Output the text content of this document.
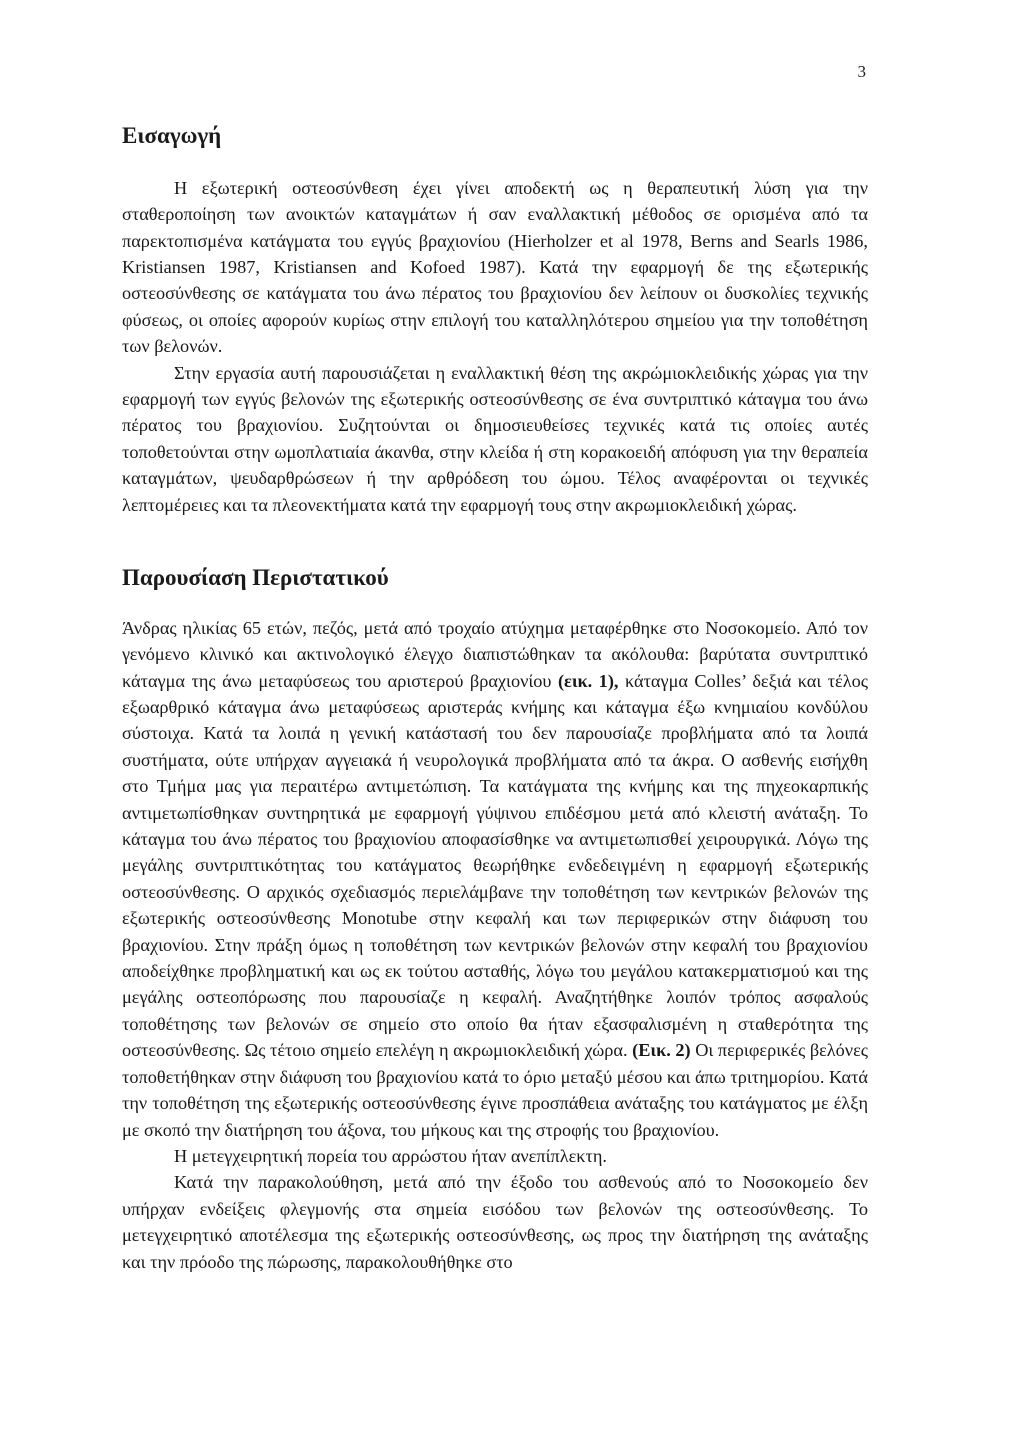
3
Εισαγωγή

Η εξωτερική οστεοσύνθεση έχει γίνει αποδεκτή ως η θεραπευτική λύση για την σταθεροποίηση των ανοικτών καταγμάτων ή σαν εναλλακτική μέθοδος σε ορισμένα από τα παρεκτοπισμένα κατάγματα του εγγύς βραχιονίου (Hierholzer et al 1978, Berns and Searls 1986, Kristiansen 1987, Kristiansen and Kofoed 1987). Κατά την εφαρμογή δε της εξωτερικής οστεοσύνθεσης σε κατάγματα του άνω πέρατος του βραχιονίου δεν λείπουν οι δυσκολίες τεχνικής φύσεως, οι οποίες αφορούν κυρίως στην επιλογή του καταλληλότερου σημείου για την τοποθέτηση των βελονών.

Στην εργασία αυτή παρουσιάζεται η εναλλακτική θέση της ακρώμιοκλειδικής χώρας για την εφαρμογή των εγγύς βελονών της εξωτερικής οστεοσύνθεσης σε ένα συντριπτικό κάταγμα του άνω πέρατος του βραχιονίου. Συζητούνται οι δημοσιευθείσες τεχνικές κατά τις οποίες αυτές τοποθετούνται στην ωμοπλατιαία άκανθα, στην κλείδα ή στη κορακοειδή απόφυση για την θεραπεία καταγμάτων, ψευδαρθρώσεων ή την αρθρόδεση του ώμου. Τέλος αναφέρονται οι τεχνικές λεπτομέρειες και τα πλεονεκτήματα κατά την εφαρμογή τους στην ακρωμιοκλειδική χώρας.

Παρουσίαση Περιστατικού

Άνδρας ηλικίας 65 ετών, πεζός, μετά από τροχαίο ατύχημα μεταφέρθηκε στο Νοσοκομείο. Από τον γενόμενο κλινικό και ακτινολογικό έλεγχο διαπιστώθηκαν τα ακόλουθα: βαρύτατα συντριπτικό κάταγμα της άνω μεταφύσεως του αριστερού βραχιονίου (εικ. 1), κάταγμα Colles’ δεξιά και τέλος εξωαρθρικό κάταγμα άνω μεταφύσεως αριστεράς κνήμης και κάταγμα έξω κνημιαίου κονδύλου σύστοιχα. Κατά τα λοιπά η γενική κατάστασή του δεν παρουσίαζε προβλήματα από τα λοιπά συστήματα, ούτε υπήρχαν αγγειακά ή νευρολογικά προβλήματα από τα άκρα. Ο ασθενής εισήχθη στο Τμήμα μας για περαιτέρω αντιμετώπιση. Τα κατάγματα της κνήμης και της πηχεοκαρπικής αντιμετωπίσθηκαν συντηρητικά με εφαρμογή γύψινου επιδέσμου μετά από κλειστή ανάταξη. Το κάταγμα του άνω πέρατος του βραχιονίου αποφασίσθηκε να αντιμετωπισθεί χειρουργικά. Λόγω της μεγάλης συντριπτικότητας του κατάγματος θεωρήθηκε ενδεδειγμένη η εφαρμογή εξωτερικής οστεοσύνθεσης. Ο αρχικός σχεδιασμός περιελάμβανε την τοποθέτηση των κεντρικών βελονών της εξωτερικής οστεοσύνθεσης Monotube στην κεφαλή και των περιφερικών στην διάφυση του βραχιονίου. Στην πράξη όμως η τοποθέτηση των κεντρικών βελονών στην κεφαλή του βραχιονίου αποδείχθηκε προβληματική και ως εκ τούτου ασταθής, λόγω του μεγάλου κατακερματισμού και της μεγάλης οστεοπόρωσης που παρουσίαζε η κεφαλή. Αναζητήθηκε λοιπόν τρόπος ασφαλούς τοποθέτησης των βελονών σε σημείο στο οποίο θα ήταν εξασφαλισμένη η σταθερότητα της οστεοσύνθεσης. Ως τέτοιο σημείο επελέγη η ακρωμιοκλειδική χώρα. (Εικ. 2) Οι περιφερικές βελόνες τοποθετήθηκαν στην διάφυση του βραχιονίου κατά το όριο μεταξύ μέσου και άπω τριτημορίου. Κατά την τοποθέτηση της εξωτερικής οστεοσύνθεσης έγινε προσπάθεια ανάταξης του κατάγματος με έλξη με σκοπό την διατήρηση του άξονα, του μήκους και της στροφής του βραχιονίου.

Η μετεγχειρητική πορεία του αρρώστου ήταν ανεπίπλεκτη.

Κατά την παρακολούθηση, μετά από την έξοδο του ασθενούς από το Νοσοκομείο δεν υπήρχαν ενδείξεις φλεγμονής στα σημεία εισόδου των βελονών της οστεοσύνθεσης. Το μετεγχειρητικό αποτέλεσμα της εξωτερικής οστεοσύνθεσης, ως προς την διατήρηση της ανάταξης και την πρόοδο της πώρωσης, παρακολουθήθηκε στο
